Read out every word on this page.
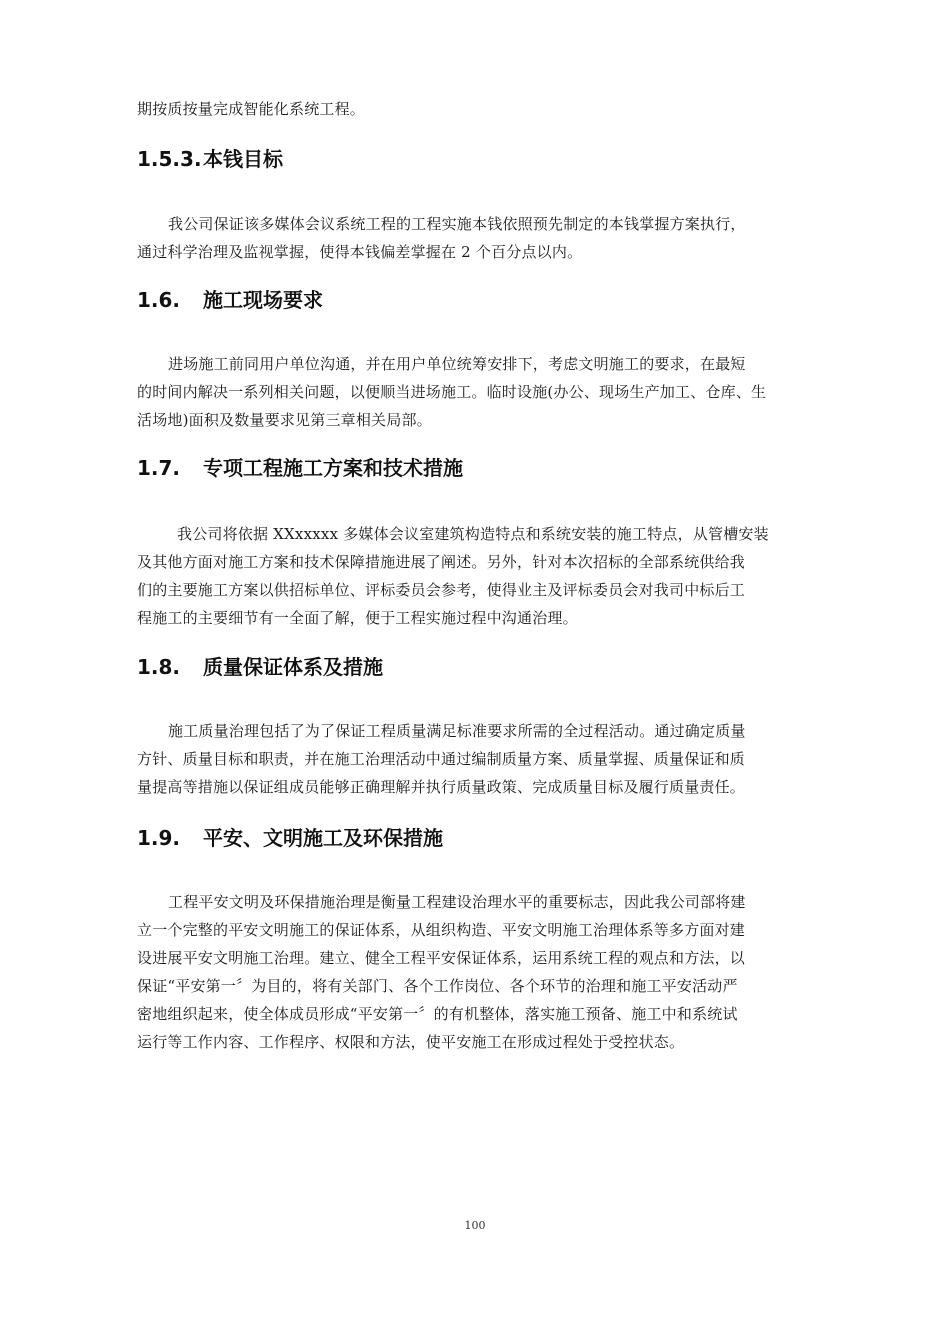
期按质按量完成智能化系统工程。
1.5.3.本钱目标
我公司保证该多媒体会议系统工程的工程实施本钱依照预先制定的本钱掌握方案执行，
通过科学治理及监视掌握，使得本钱偏差掌握在 2 个百分点以内。
1.6. 施工现场要求
进场施工前同用户单位沟通，并在用户单位统筹安排下，考虑文明施工的要求，在最短
的时间内解决一系列相关问题，以便顺当进场施工。临时设施(办公、现场生产加工、仓库、生
活场地)面积及数量要求见第三章相关局部。
1.7. 专项工程施工方案和技术措施
我公司将依据 XXxxxxx 多媒体会议室建筑构造特点和系统安装的施工特点，从管槽安装
及其他方面对施工方案和技术保障措施进展了阐述。另外，针对本次招标的全部系统供给我
们的主要施工方案以供招标单位、评标委员会参考，使得业主及评标委员会对我司中标后工
程施工的主要细节有一全面了解，便于工程实施过程中沟通治理。
1.8. 质量保证体系及措施
施工质量治理包括了为了保证工程质量满足标准要求所需的全过程活动。通过确定质量
方针、质量目标和职责，并在施工治理活动中通过编制质量方案、质量掌握、质量保证和质
量提高等措施以保证组成员能够正确理解并执行质量政策、完成质量目标及履行质量责任。
1.9. 平安、文明施工及环保措施
工程平安文明及环保措施治理是衡量工程建设治理水平的重要标志，因此我公司部将建
立一个完整的平安文明施工的保证体系，从组织构造、平安文明施工治理体系等多方面对建
设进展平安文明施工治理。建立、健全工程平安保证体系，运用系统工程的观点和方法，以
保证“平安第一〞为目的，将有关部门、各个工作岗位、各个环节的治理和施工平安活动严
密地组织起来，使全体成员形成“平安第一〞的有机整体，落实施工预备、施工中和系统试
运行等工作内容、工作程序、权限和方法，使平安施工在形成过程处于受控状态。
100
